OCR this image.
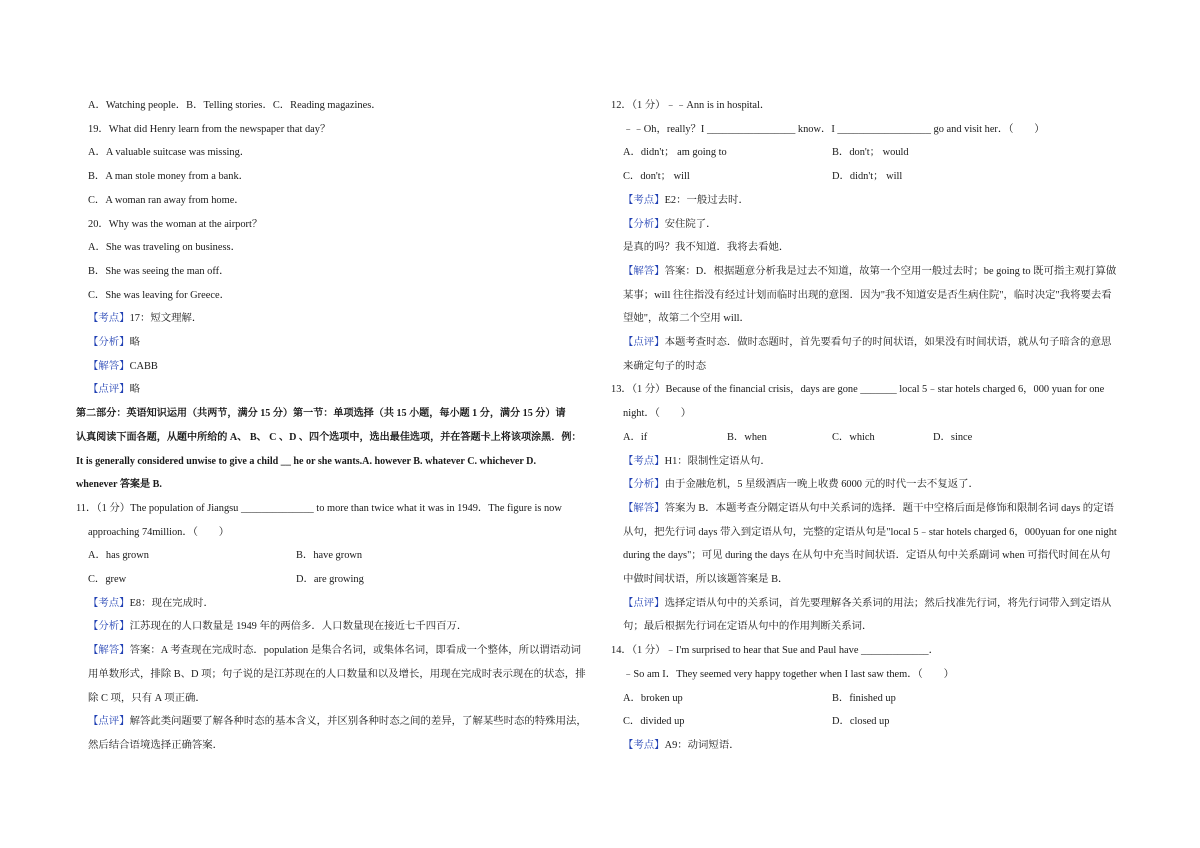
A．Watching people．B．Telling stories．C．Reading magazines．
19．What did Henry learn from the newspaper that day？
A．A valuable suitcase was missing．
B．A man stole money from a bank．
C．A woman ran away from home．
20．Why was the woman at the airport？
A．She was traveling on business．
B．She was seeing the man off．
C．She was leaving for Greece．
【考点】17：短文理解．
【分析】略
【解答】CABB
【点评】略
第二部分：英语知识运用（共两节，满分 15 分）第一节：单项选择（共 15 小题，每小题 1 分，满分 15 分）请
认真阅读下面各题，从题中所给的 A、 B、 C 、D 、四个选项中，选出最佳选项，并在答题卡上将该项涂黑．例：
It is generally considered unwise to give a child __ he or she wants.A. however B. whatever C. whichever D.
whenever 答案是 B.
11．（1 分）The population of Jiangsu ______________ to more than twice what it was in 1949．The figure is now
approaching 74million．（　　）
A．has grown	B．have grown
C．grew	D．are growing
【考点】E8：现在完成时．
【分析】江苏现在的人口数量是 1949 年的两倍多．人口数量现在接近七千四百万．
【解答】答案：A 考查现在完成时态．population 是集合名词，或集体名词，即看成一个整体，所以谓语动词
用单数形式，排除 B、D 项；句子说的是江苏现在的人口数量和以及增长，用现在完成时表示现在的状态，排
除 C 项，只有 A 项正确．
【点评】解答此类问题要了解各种时态的基本含义，并区别各种时态之间的差异，了解某些时态的特殊用法，
然后结合语境选择正确答案．
12．（1 分）﹣﹣Ann is in hospital．
﹣﹣Oh，really？I _________________ know．I __________________ go and visit her．（　　）
A．didn't； am going to	B．don't； would
C．don't； will	D．didn't； will
【考点】E2：一般过去时．
【分析】安住院了．
是真的吗？我不知道．我将去看她．
【解答】答案：D．根据题意分析我是过去不知道，故第一个空用一般过去时；be going to 既可指主观打算做
某事；will 往往指没有经过计划而临时出现的意图．因为"我不知道安是否生病住院"，临时决定"我将要去看
望她"，故第二个空用 will．
【点评】本题考查时态．做时态题时，首先要看句子的时间状语，如果没有时间状语，就从句子暗含的意思
来确定句子的时态
13．（1 分）Because of the financial crisis，days are gone _______ local 5﹣star hotels charged 6，000 yuan for one
night．（　　）
A．if	B．when	C．which	D．since
【考点】H1：限制性定语从句．
【分析】由于金融危机，5 星级酒店一晚上收费 6000 元的时代一去不复返了．
【解答】答案为 B．本题考查分隔定语从句中关系词的选择．题干中空格后面是修饰和限制名词 days 的定语
从句，把先行词 days 带入到定语从句，完整的定语从句是"local 5﹣star hotels charged 6，000yuan for one night
during the days"；可见 during the days 在从句中充当时间状语．定语从句中关系副词 when 可指代时间在从句
中做时间状语，所以该题答案是 B．
【点评】选择定语从句中的关系词，首先要理解各关系词的用法；然后找准先行词，将先行词带入到定语从
句；最后根据先行词在定语从句中的作用判断关系词．
14．（1 分）﹣I'm surprised to hear that Sue and Paul have _____________．
﹣So am I．They seemed very happy together when I last saw them．（　　）
A．broken up	B．finished up
C．divided up	D．closed up
【考点】A9：动词短语．
